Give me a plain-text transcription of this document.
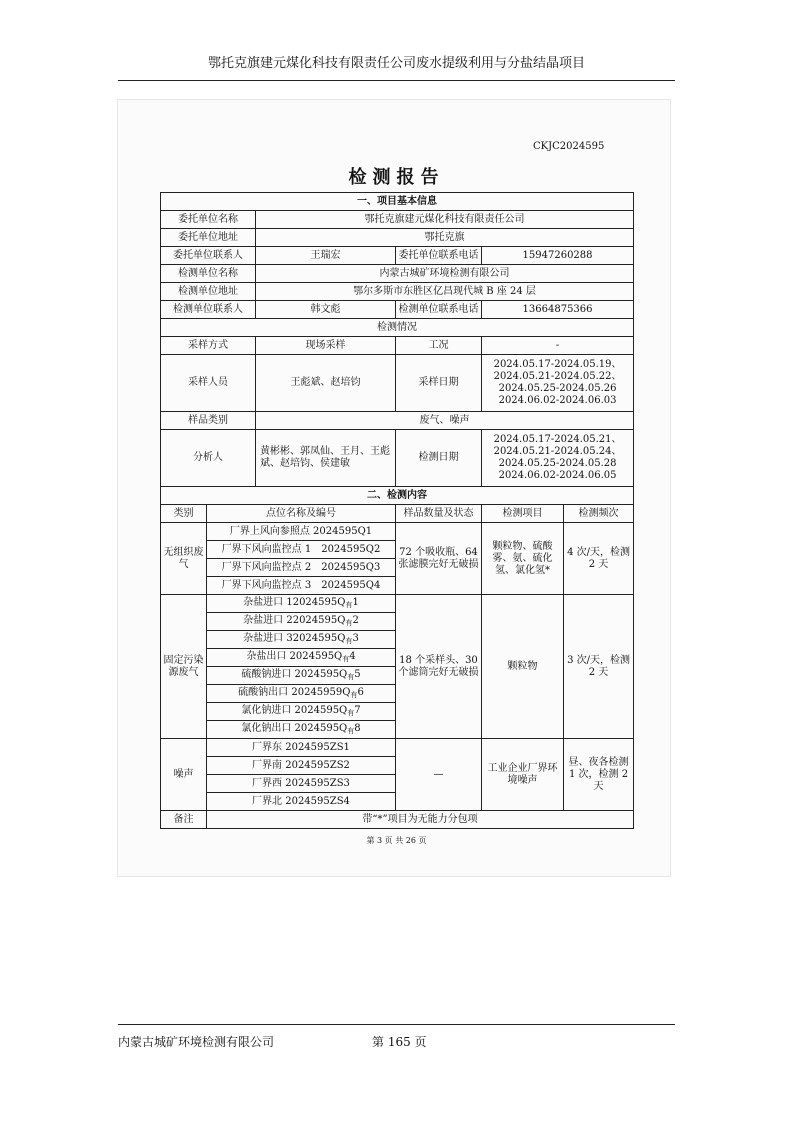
鄂托克旗建元煤化科技有限责任公司废水提级利用与分盐结晶项目
CKJC2024595
检测报告
一、项目基本信息					
委托单位名称		鄂托克旗建元煤化科技有限责任公司			
委托单位地址		鄂托克旗			
委托单位联系人		王瑞宏	委托单位联系电话	15947260288	
检测单位名称		内蒙古城矿环境检测有限公司			
检测单位地址		鄂尔多斯市东胜区亿昌现代城 B 座 24 层			
检测单位联系人		韩文彪	检测单位联系电话	13664875366	
检测情况					
采样方式		现场采样	工况	-	
采样人员		王彪斌、赵培钧	采样日期	2024.05.17-2024.05.19、
2024.05.21-2024.05.22、
2024.05.25-2024.05.26
2024.06.02-2024.06.03	

样品类别		废气、噪声			
分析人		黄彬彬、郭凤仙、王月、王彪斌、赵培钧、侯建敏	检测日期	2024.05.17-2024.05.21、
2024.05.21-2024.05.24、
2024.05.25-2024.05.28
2024.06.02-2024.06.05	

二、检测内容					
类别	点位名称及编号		样品数量及状态	检测项目	检测频次
无组织废气	厂界上风向参照点 2024595Q1		72 个吸收瓶、64 张滤膜完好无破损	颗粒物、硫酸雾、氨、硫化氢、氯化氢*	4 次/天，检测 2 天
	厂界下风向监控点 1　2024595Q2				
	厂界下风向监控点 2　2024595Q3				
	厂界下风向监控点 3　2024595Q4				
固定污染源废气	杂盐进口 $12024595Q_有1$		18 个采样头、30 个滤筒完好无破损	颗粒物	3 次/天，检测 2 天
	杂盐进口 $22024595Q_有2$				
	杂盐进口 $32024595Q_有3$				
	杂盐出口 $2024595Q_有4$				
	硫酸钠进口 $2024595Q_有5$				
	硫酸钠出口 $20245959Q_有6$				
	氯化钠进口 $2024595Q_有7$				
	氯化钠出口 $2024595Q_有8$				
噪声	厂界东 2024595ZS1		—	工业企业厂界环境噪声	昼、夜各检测 1 次，检测 2 天
	厂界南 2024595ZS2				
	厂界西 2024595ZS3				
	厂界北 2024595ZS4				
备注	带“*”项目为无能力分包项				
第 3 页 共 26 页
内蒙古城矿环境检测有限公司	第 165 页
